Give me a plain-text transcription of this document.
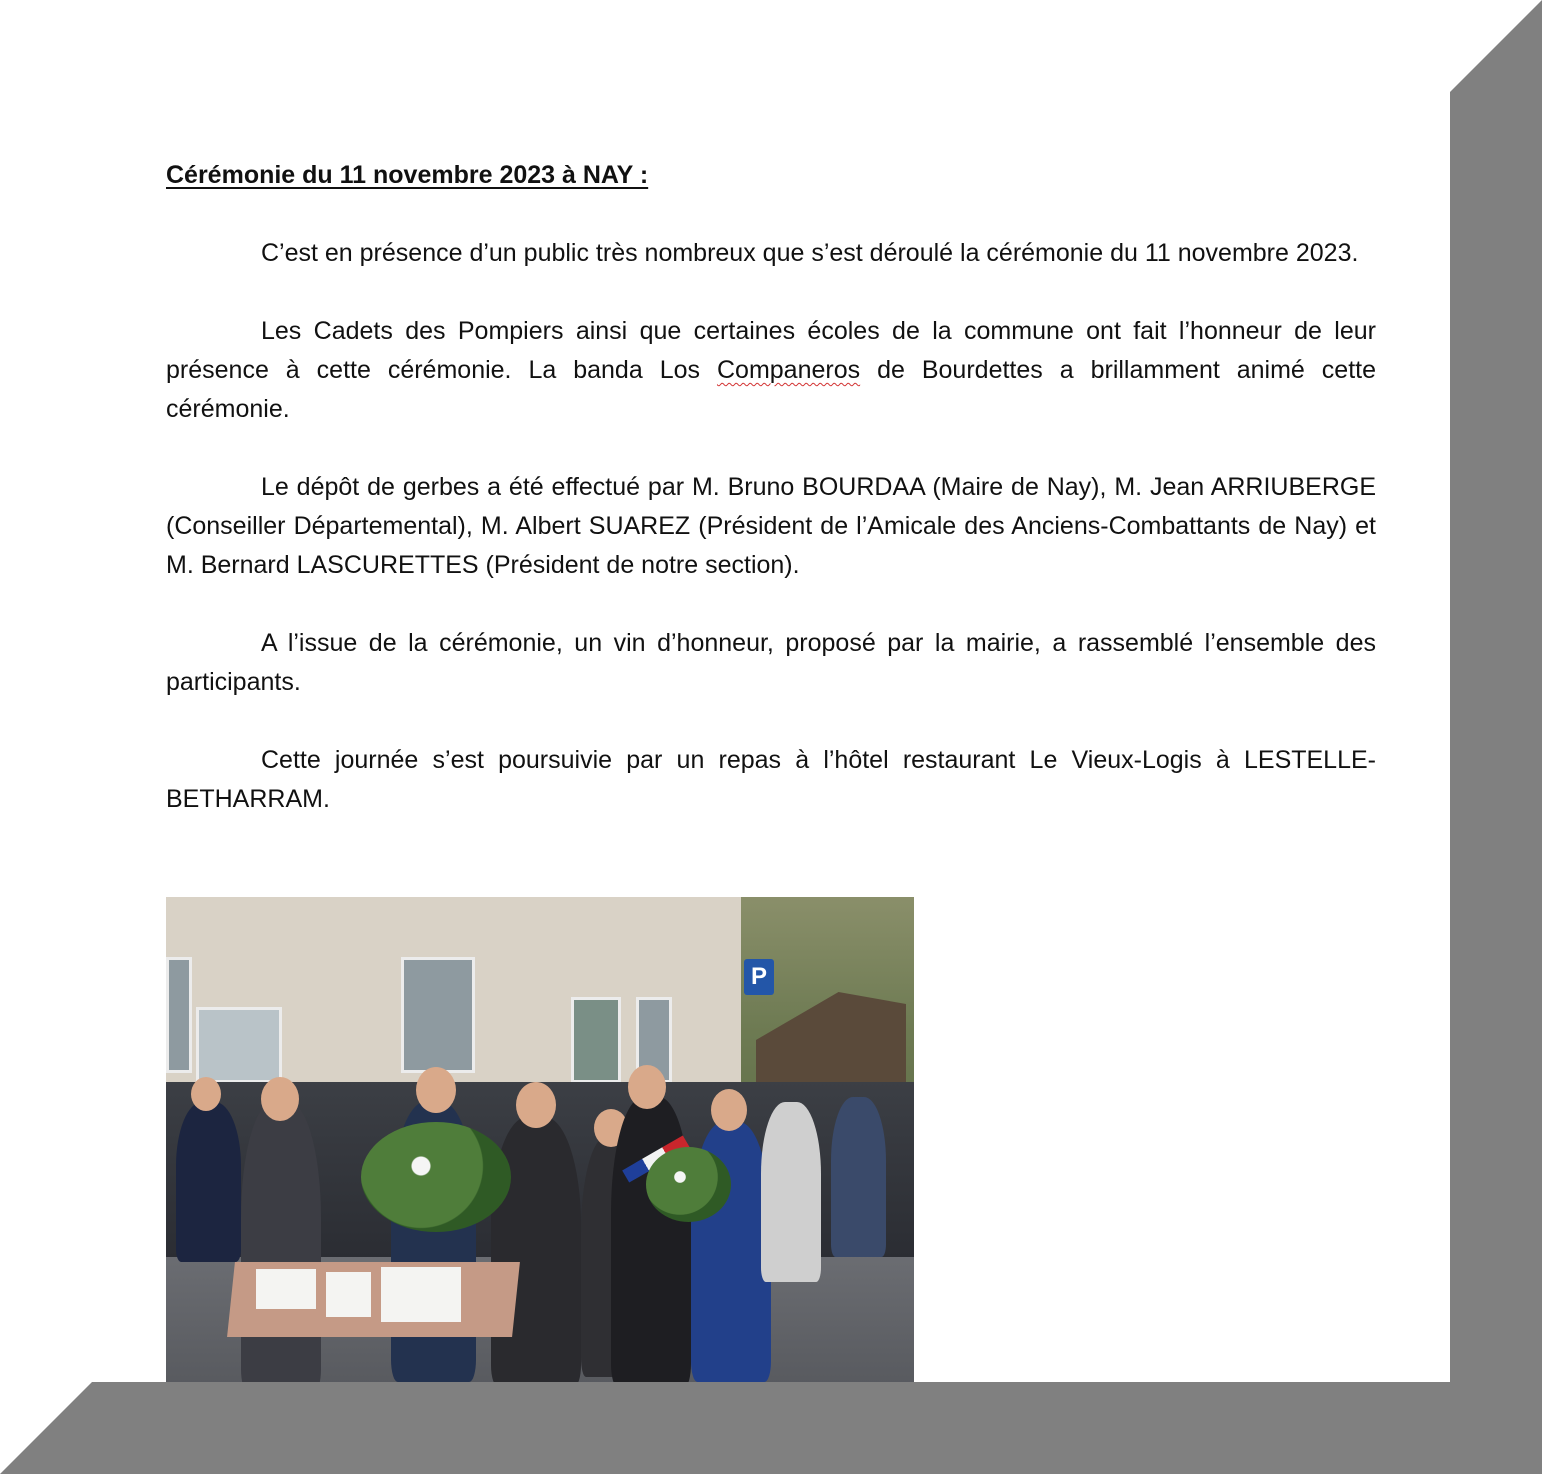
Cérémonie du 11 novembre 2023 à NAY :

C’est en présence d’un public très nombreux que s’est déroulé la cérémonie du 11 novembre 2023.

Les Cadets des Pompiers ainsi que certaines écoles de la commune ont fait l’honneur de leur présence à cette cérémonie. La banda Los Companeros de Bourdettes a brillamment animé cette cérémonie.

Le dépôt de gerbes a été effectué par M. Bruno BOURDAA (Maire de Nay), M. Jean ARRIUBERGE (Conseiller Départemental), M. Albert SUAREZ (Président de l’Amicale des Anciens-Combattants de Nay) et M. Bernard LASCURETTES (Président de notre section).

A l’issue de la cérémonie, un vin d’honneur, proposé par la mairie, a rassemblé l’ensemble des participants.

Cette journée s’est poursuivie par un repas à l’hôtel restaurant Le Vieux-Logis à LESTELLE-BETHARRAM.

P
